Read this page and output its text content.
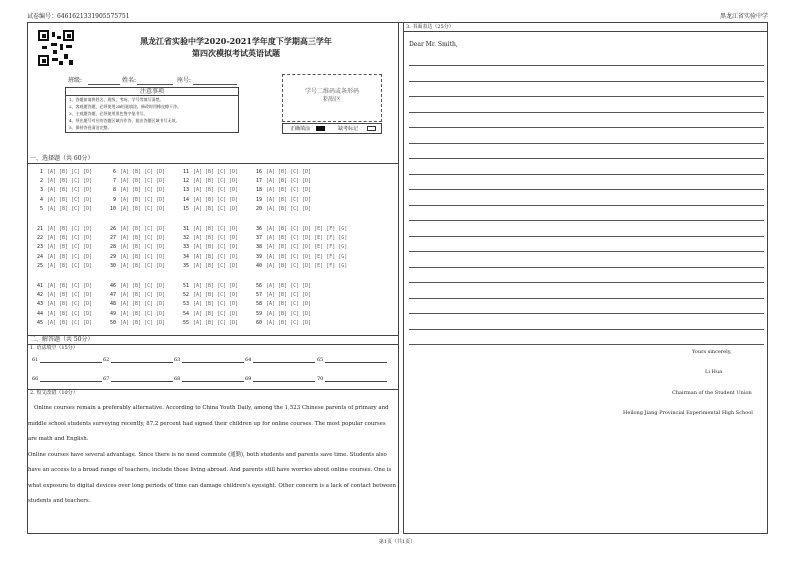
试卷编号：6461621331905575751	黑龙江省实验中学
黑龙江省实验中学2020-2021学年度下学期高三学年
第四次模拟考试英语试题
班级:	姓名:	座号:
注意事项
1、答题前请将姓名、班级、考场、学号等填写清楚。
2、客观题答题，必须使用2B铅笔填涂，修改时用橡皮擦干净。
3、主观题答题，必须使用黑色签字笔书写。
4、须在题号对应的答题区域内作答，超出答题区域书写无效。
5、保持答卷清洁完整。
学号二维码或条形码
粘贴区
正确填涂	缺考标记
一、选择题（共 60分）
1 [A] [B] [C] [D]
2 [A] [B] [C] [D]
3 [A] [B] [C] [D]
4 [A] [B] [C] [D]
5 [A] [B] [C] [D]
6 [A] [B] [C] [D]
7 [A] [B] [C] [D]
8 [A] [B] [C] [D]
9 [A] [B] [C] [D]
10 [A] [B] [C] [D]
11 [A] [B] [C] [D]
12 [A] [B] [C] [D]
13 [A] [B] [C] [D]
14 [A] [B] [C] [D]
15 [A] [B] [C] [D]
16 [A] [B] [C] [D]
17 [A] [B] [C] [D]
18 [A] [B] [C] [D]
19 [A] [B] [C] [D]
20 [A] [B] [C] [D]
21 [A] [B] [C] [D]
22 [A] [B] [C] [D]
23 [A] [B] [C] [D]
24 [A] [B] [C] [D]
25 [A] [B] [C] [D]
26 [A] [B] [C] [D]
27 [A] [B] [C] [D]
28 [A] [B] [C] [D]
29 [A] [B] [C] [D]
30 [A] [B] [C] [D]
31 [A] [B] [C] [D]
32 [A] [B] [C] [D]
33 [A] [B] [C] [D]
34 [A] [B] [C] [D]
35 [A] [B] [C] [D]
36 [A] [B] [C] [D] [E] [F] [G]
37 [A] [B] [C] [D] [E] [F] [G]
38 [A] [B] [C] [D] [E] [F] [G]
39 [A] [B] [C] [D] [E] [F] [G]
40 [A] [B] [C] [D] [E] [F] [G]
41 [A] [B] [C] [D]
42 [A] [B] [C] [D]
43 [A] [B] [C] [D]
44 [A] [B] [C] [D]
45 [A] [B] [C] [D]
46 [A] [B] [C] [D]
47 [A] [B] [C] [D]
48 [A] [B] [C] [D]
49 [A] [B] [C] [D]
50 [A] [B] [C] [D]
51 [A] [B] [C] [D]
52 [A] [B] [C] [D]
53 [A] [B] [C] [D]
54 [A] [B] [C] [D]
55 [A] [B] [C] [D]
56 [A] [B] [C] [D]
57 [A] [B] [C] [D]
58 [A] [B] [C] [D]
59 [A] [B] [C] [D]
60 [A] [B] [C] [D]
二、解答题（共 50分）
1. 语法填空（15分）
61	62	63	64	65
66	67	68	69	70
2. 短文改错（10分）

Online courses remain a preferably alternative. According to China Youth Daily, among the 1,523 Chinese parents of primary and middle school students surveying recently, 87.2 percent had signed their children up for online courses. The most popular courses are math and English.

Online courses have several advantage. Since there is no need commute (通勤), both students and parents save time. Students also have an access to a broad range of teachers, include those living abroad. And parents still have worries about online courses. One is what exposure to digital devices over long periods of time can damage children's eyesight. Other concern is a lack of contact between students and teachers.

3. 书面表达（25分）
Dear Mr. Smith,
Yours sincerely,
Li Hua
Chairman of the Student Union
Heilong Jiang Provincial Experimental High School
第1页（共1页）
